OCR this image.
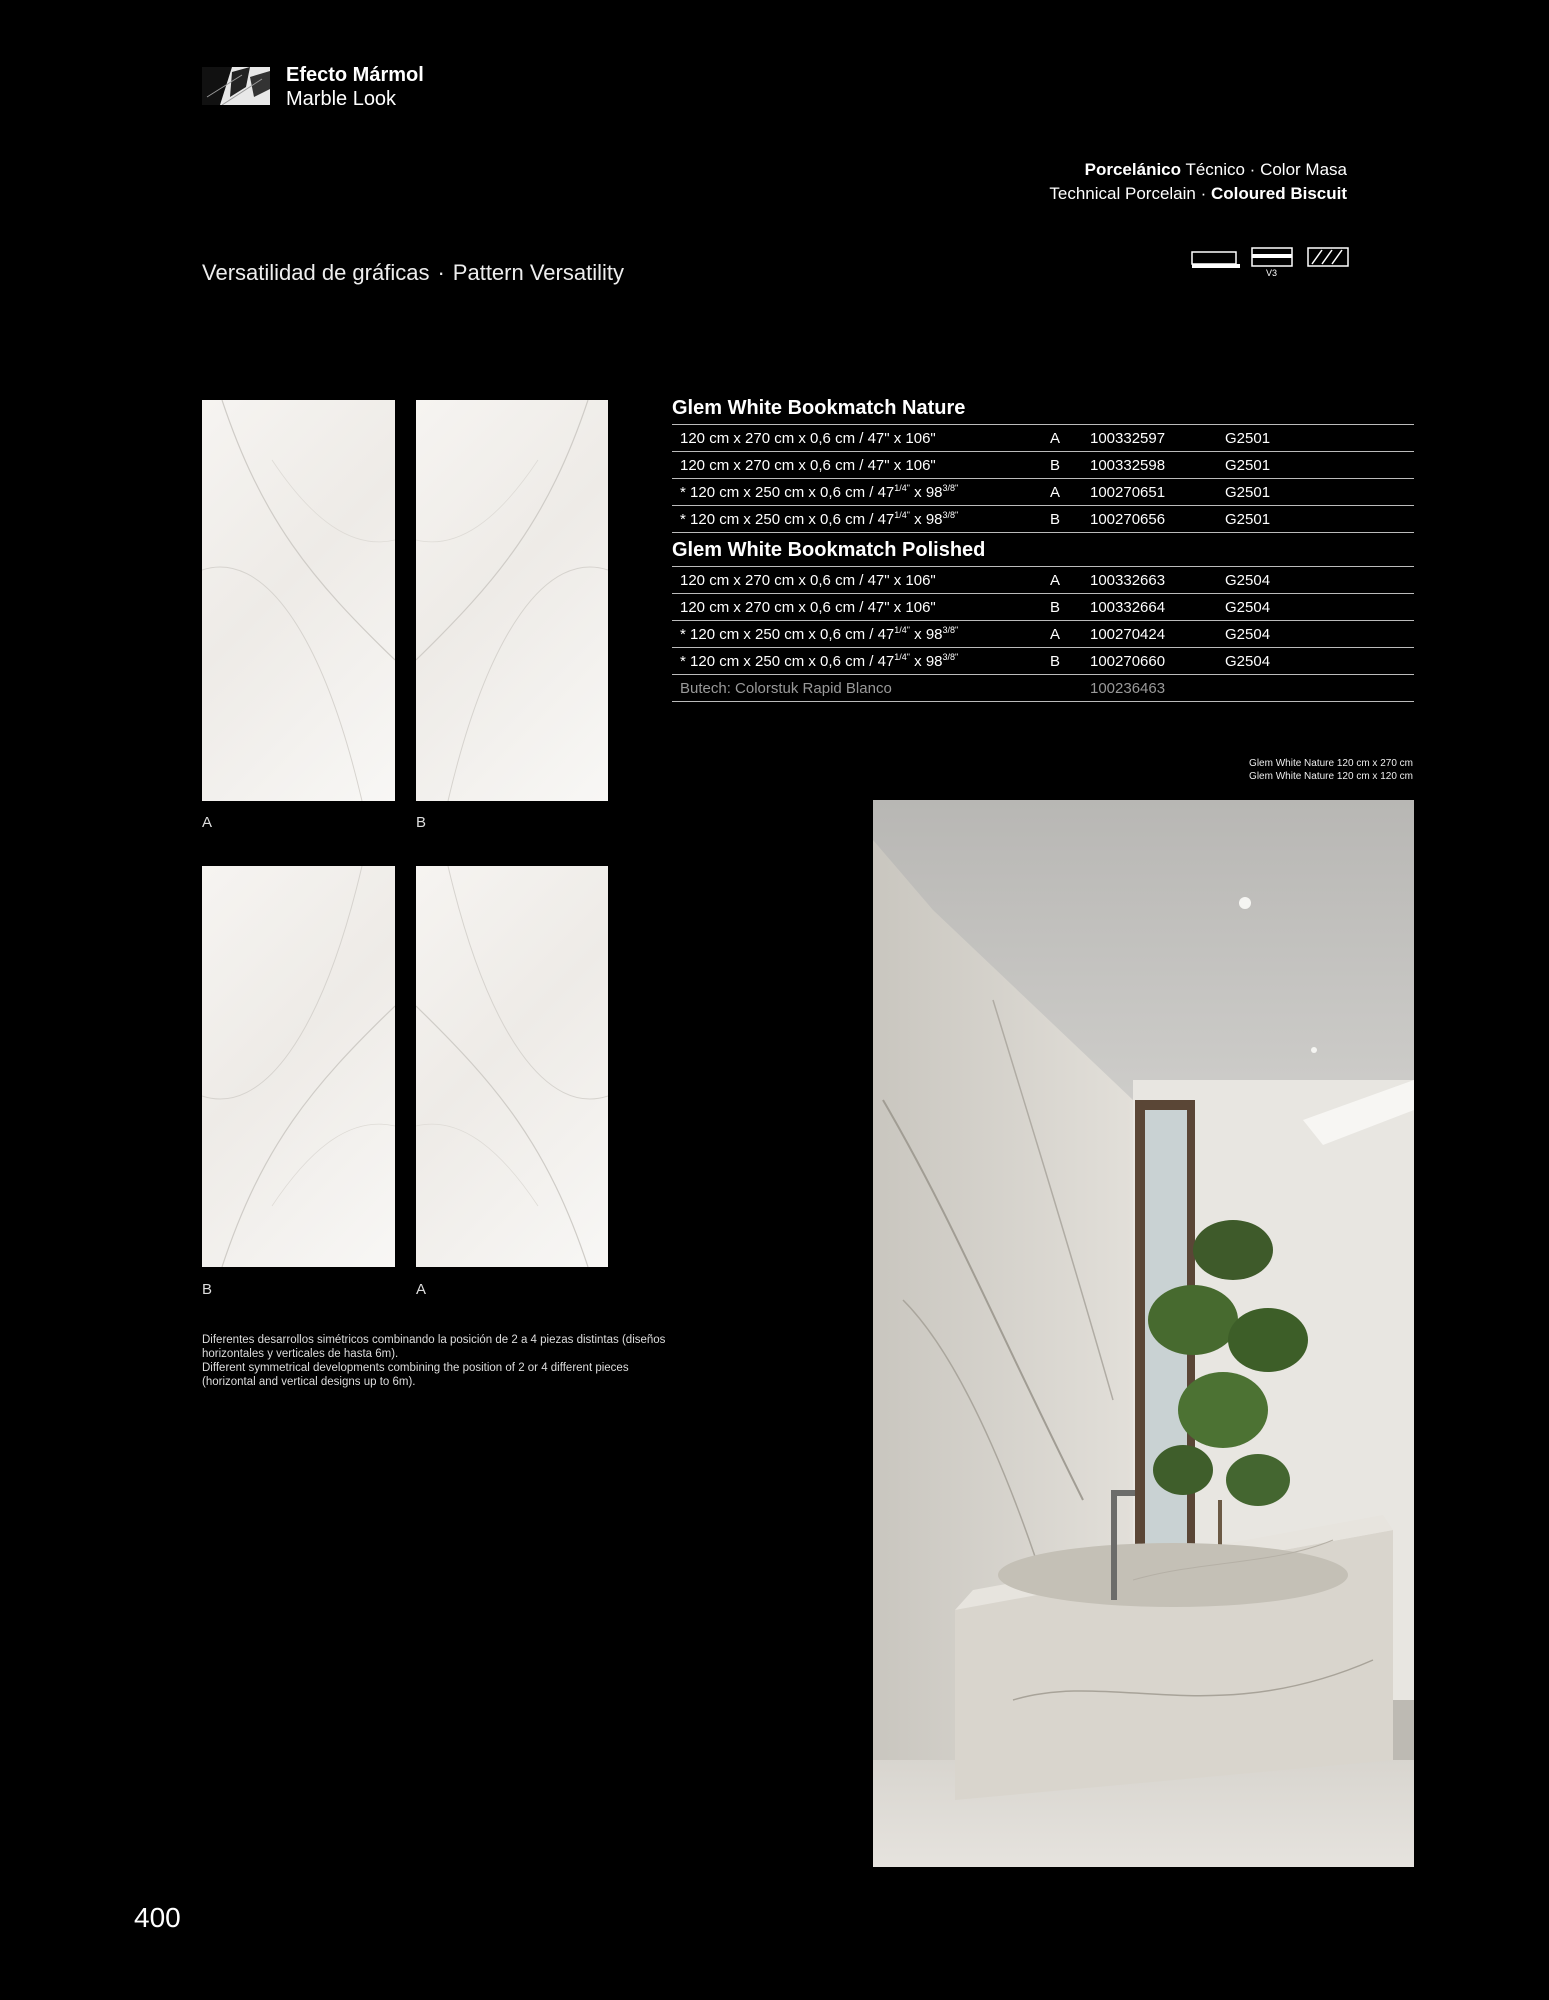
Efecto Mármol
Marble Look
Porcelánico Técnico · Color Masa
Technical Porcelain · Coloured Biscuit
Versatilidad de gráficas · Pattern Versatility	V3
A	B
B	A
Diferentes desarrollos simétricos combinando la posición de 2 a 4 piezas distintas (diseños horizontales y verticales de hasta 6m).
Different symmetrical developments combining the position of 2 or 4 different pieces (horizontal and vertical designs up to 6m).
Glem White Bookmatch Nature
120 cm x 270 cm x 0,6 cm / 47" x 106"	A	100332597	G2501
120 cm x 270 cm x 0,6 cm / 47" x 106"	B	100332598	G2501
* 120 cm x 250 cm x 0,6 cm / $47^{1/4"}$ x $98^{3/8"}$	A	100270651	G2501
* 120 cm x 250 cm x 0,6 cm / $47^{1/4"}$ x $98^{3/8"}$	B	100270656	G2501
Glem White Bookmatch Polished
120 cm x 270 cm x 0,6 cm / 47" x 106"	A	100332663	G2504
120 cm x 270 cm x 0,6 cm / 47" x 106"	B	100332664	G2504
* 120 cm x 250 cm x 0,6 cm / $47^{1/4"}$ x $98^{3/8"}$	A	100270424	G2504
* 120 cm x 250 cm x 0,6 cm / $47^{1/4"}$ x $98^{3/8"}$	B	100270660	G2504
Butech: Colorstuk Rapid Blanco	100236463
Glem White Nature 120 cm x 270 cm
Glem White Nature 120 cm x 120 cm
400
